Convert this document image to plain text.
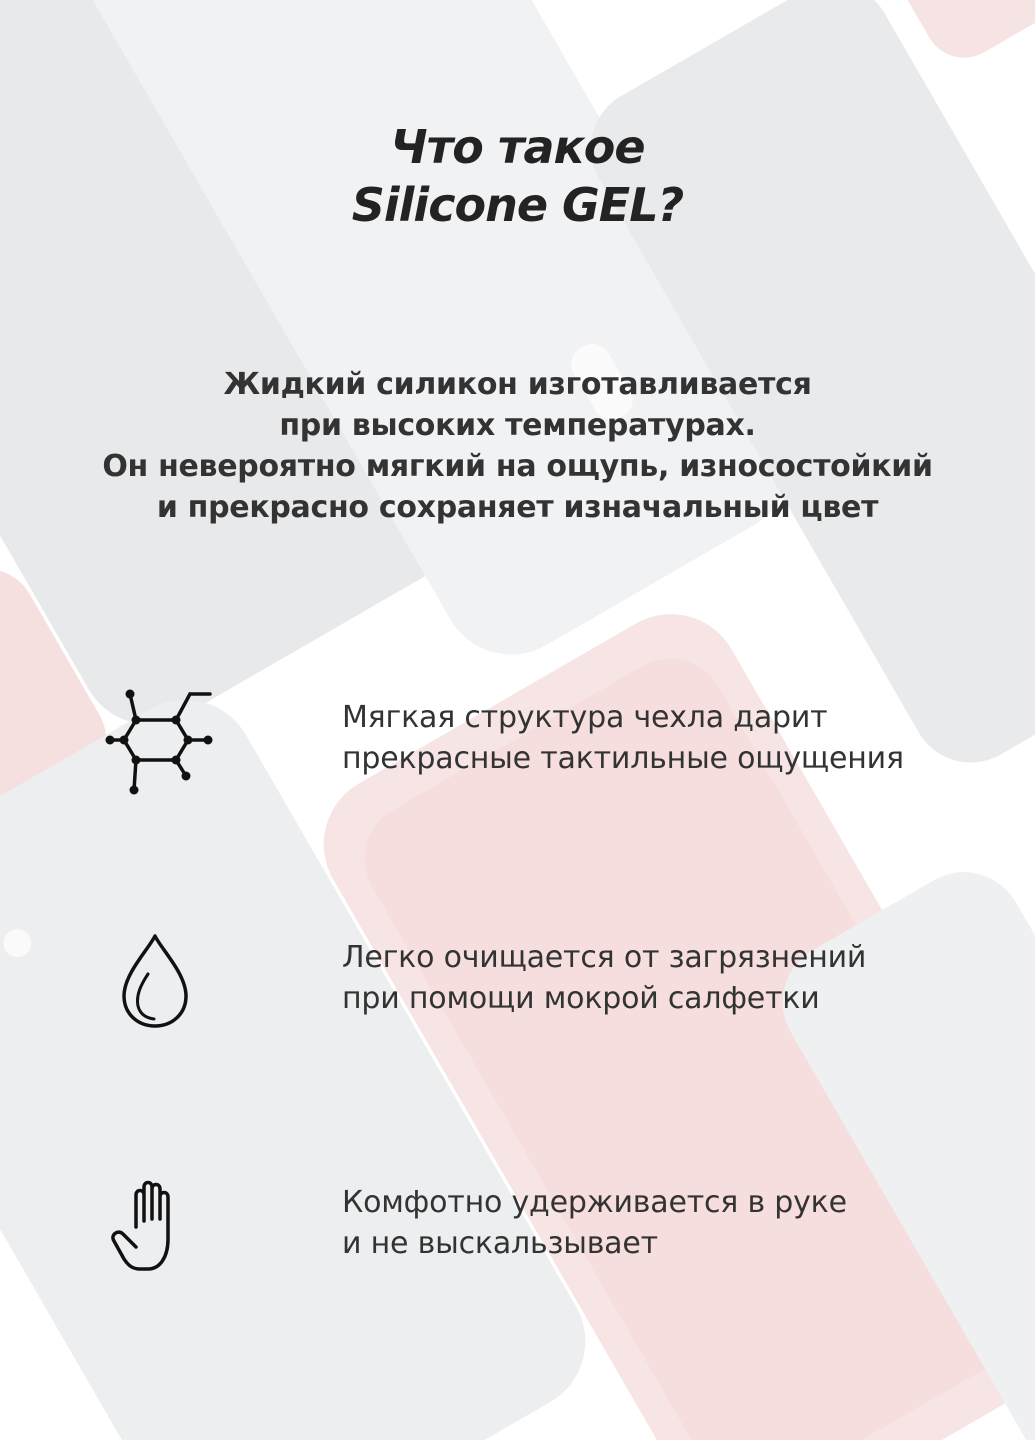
Что такое
Silicone GEL?
Жидкий силикон изготавливается
при высоких температурах.
Он невероятно мягкий на ощупь, износостойкий
и прекрасно сохраняет изначальный цвет
Мягкая структура чехла дарит
прекрасные тактильные ощущения
Легко очищается от загрязнений
при помощи мокрой салфетки
Комфотно удерживается в руке
и не выскальзывает
